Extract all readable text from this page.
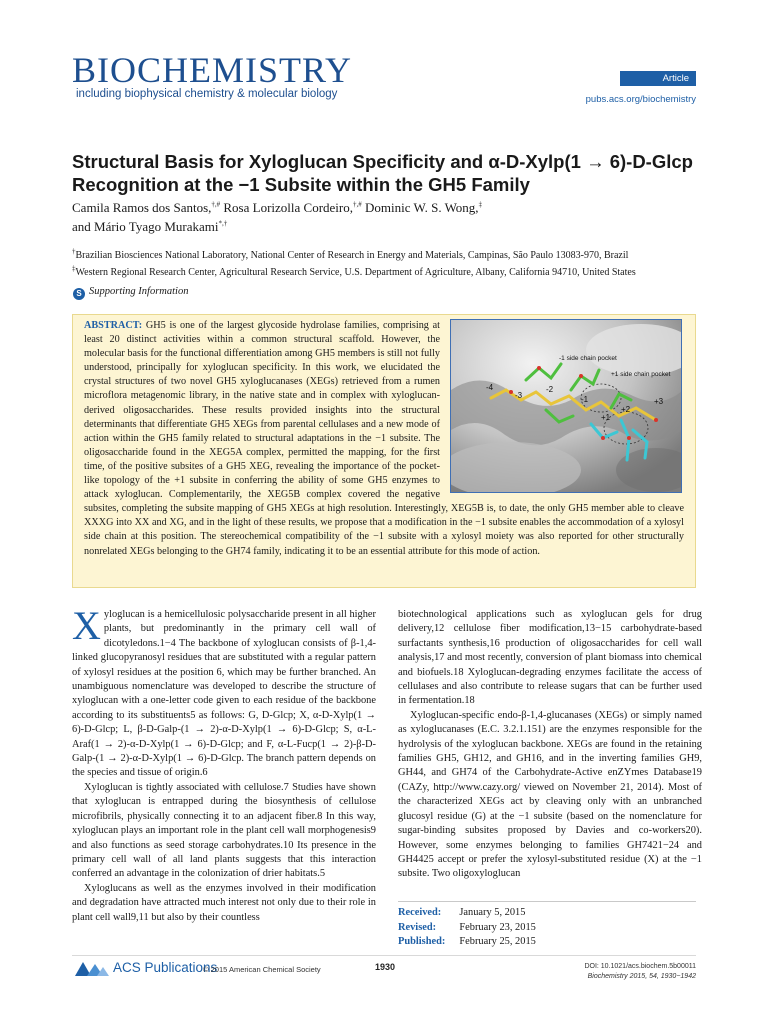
BIOCHEMISTRY
including biophysical chemistry & molecular biology
Article
pubs.acs.org/biochemistry
Structural Basis for Xyloglucan Specificity and α-D-Xylp(1 → 6)-D-Glcp Recognition at the −1 Subsite within the GH5 Family
Camila Ramos dos Santos,†,# Rosa Lorizolla Cordeiro,†,# Dominic W. S. Wong,‡
and Mário Tyago Murakami*,†
†Brazilian Biosciences National Laboratory, National Center of Research in Energy and Materials, Campinas, São Paulo 13083-970, Brazil
‡Western Regional Research Center, Agricultural Research Service, U.S. Department of Agriculture, Albany, California 94710, United States
S Supporting Information
ABSTRACT: GH5 is one of the largest glycoside hydrolase families, comprising at least 20 distinct activities within a common structural scaffold. However, the molecular basis for the functional differentiation among GH5 members is still not fully understood, principally for xyloglucan specificity. In this work, we elucidated the crystal structures of two novel GH5 xyloglucanases (XEGs) retrieved from a rumen microflora metagenomic library, in the native state and in complex with xyloglucan-derived oligosaccharides. These results provided insights into the structural determinants that differentiate GH5 XEGs from parental cellulases and a new mode of action within the GH5 family related to structural adaptations in the −1 subsite. The oligosaccharide found in the XEG5A complex, permitted the mapping, for the first time, of the positive subsites of a GH5 XEG, revealing the importance of the pocket-like topology of the +1 subsite in conferring the ability of some GH5 enzymes to attack xyloglucan. Complementarily, the XEG5B complex covered the negative subsites, completing the subsite mapping of GH5 XEGs at high resolution. Interestingly, XEG5B is, to date, the only GH5 member able to cleave XXXG into XX and XG, and in the light of these results, we propose that a modification in the −1 subsite enables the accommodation of a xylosyl side chain at this position. The stereochemical compatibility of the −1 subsite with a xylosyl moiety was also reported for other structurally nonrelated XEGs belonging to the GH74 family, indicating it to be an essential attribute for this mode of action.
-4
-3
-2
-1
+1
+2
+3
-1 side chain pocket
+1 side chain pocket

Xyloglucan is a hemicellulosic polysaccharide present in all higher plants, but predominantly in the primary cell wall of dicotyledons.1−4 The backbone of xyloglucan consists of β-1,4-linked glucopyranosyl residues that are substituted with a regular pattern of xylosyl residues at the position 6, which may be further branched. An unambiguous nomenclature was developed to describe the structure of xyloglucan with a one-letter code given to each residue of the backbone according to its substituents5 as follows: G, D-Glcp; X, α-D-Xylp(1 → 6)-D-Glcp; L, β-D-Galp-(1 → 2)-α-D-Xylp(1 → 6)-D-Glcp; S, α-L-Araf(1 → 2)-α-D-Xylp(1 → 6)-D-Glcp; and F, α-L-Fucp(1 → 2)-β-D-Galp-(1 → 2)-α-D-Xylp(1 → 6)-D-Glcp. The branch pattern depends on the species and tissue of origin.6

Xyloglucan is tightly associated with cellulose.7 Studies have shown that xyloglucan is entrapped during the biosynthesis of cellulose microfibrils, physically connecting it to an adjacent fiber.8 In this way, xyloglucan plays an important role in the plant cell wall morphogenesis9 and also functions as seed storage carbohydrates.10 Its presence in the primary cell wall of all land plants suggests that this interaction conferred an advantage in the colonization of drier habitats.5

Xyloglucans as well as the enzymes involved in their modification and degradation have attracted much interest not only due to their role in plant cell wall9,11 but also by their countless

biotechnological applications such as xyloglucan gels for drug delivery,12 cellulose fiber modification,13−15 carbohydrate-based surfactants synthesis,16 production of oligosaccharides for cell wall analysis,17 and most recently, conversion of plant biomass into chemical and biofuels.18 Xyloglucan-degrading enzymes facilitate the access of cellulases and also contribute to release sugars that can be further used in fermentation.18

Xyloglucan-specific endo-β-1,4-glucanases (XEGs) or simply named as xyloglucanases (E.C. 3.2.1.151) are the enzymes responsible for the hydrolysis of the xyloglucan backbone. XEGs are found in the retaining families GH5, GH12, and GH16, and in the inverting families GH9, GH44, and GH74 of the Carbohydrate-Active enZYmes Database19 (CAZy, http://www.cazy.org/ viewed on November 21, 2014). Most of the characterized XEGs act by cleaving only with an unbranched glucosyl residue (G) at the −1 subsite (based on the nomenclature for sugar-binding subsites proposed by Davies and co-workers20). However, some enzymes belonging to families GH7421−24 and GH4425 accept or prefer the xylosyl-substituted residue (X) at the −1 subsite. Two oligoxyloglucan

Received:	January 5, 2015
Revised:	February 23, 2015
Published:	February 25, 2015
ACS Publications
© 2015 American Chemical Society	1930	DOI: 10.1021/acs.biochem.5b00011
Biochemistry 2015, 54, 1930−1942
